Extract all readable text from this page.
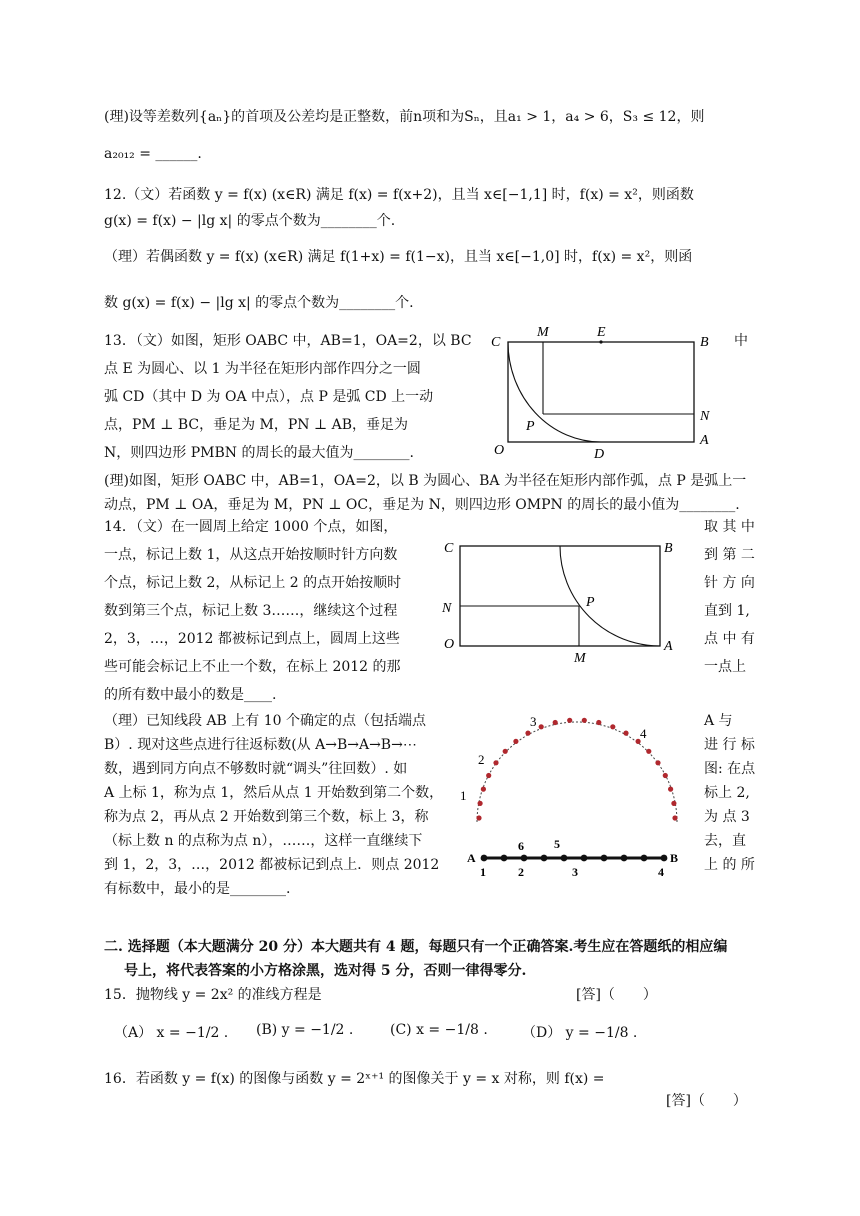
(理)设等差数列{aₙ}的首项及公差均是正整数，前n项和为Sₙ，且a₁ > 1，a₄ > 6，S₃ ≤ 12，则
a₂₀₁₂ = ______.
12.（文）若函数 y = f(x) (x∈R) 满足 f(x) = f(x+2)，且当 x∈[−1,1] 时，f(x) = x²，则函数
g(x) = f(x) − |lg x| 的零点个数为________个.
（理）若偶函数 y = f(x) (x∈R) 满足 f(1+x) = f(1−x)，且当 x∈[−1,0] 时，f(x) = x²，则函
数 g(x) = f(x) − |lg x| 的零点个数为________个.
13．（文）如图，矩形 OABC 中，AB=1，OA=2，以 BC	中
点 E 为圆心、以 1 为半径在矩形内部作四分之一圆
弧 CD（其中 D 为 OA 中点），点 P 是弧 CD 上一动
点，PM ⊥ BC，垂足为 M，PN ⊥ AB，垂足为
N，则四边形 PMBN 的周长的最大值为________.
C
M	E
B
P
N
O	D
A
(理)如图，矩形 OABC 中，AB=1，OA=2，以 B 为圆心、BA 为半径在矩形内部作弧，点 P 是弧上一
动点，PM ⊥ OA，垂足为 M，PN ⊥ OC，垂足为 N，则四边形 OMPN 的周长的最小值为________.
14．（文）在一圆周上给定 1000 个点，如图，	取 其 中
一点，标记上数 1，从这点开始按顺时针方向数	到 第 二
个点，标记上数 2，从标记上 2 的点开始按顺时	针 方 向
数到第三个点，标记上数 3……，继续这个过程	直到 1,
2，3，…，2012 都被标记到点上，圆周上这些	点 中 有
些可能会标记上不止一个数，在标上 2012 的那	一点上
的所有数中最小的数是____.
C	B
P
N
O
M
A
（理）已知线段 AB 上有 10 个确定的点（包括端点	A 与
B）. 现对这些点进行往返标数(从 A→B→A→B→⋯	进 行 标
数，遇到同方向点不够数时就“调头”往回数）. 如	图: 在点
A 上标 1，称为点 1，然后从点 1 开始数到第二个数，	标上 2,
称为点 2，再从点 2 开始数到第三个数，标上 3，称	为 点 3
（标上数 n 的点称为点 n），……，这样一直继续下	去，直
到 1，2，3，…，2012 都被标记到点上．则点 2012	上 的 所
有标数中，最小的是________.
1
2
3
4
A	B
6	5
1	2	3	4
二. 选择题（本大题满分 20 分）本大题共有 4 题，每题只有一个正确答案.考生应在答题纸的相应编
号上，将代表答案的小方格涂黑，选对得 5 分，否则一律得零分.
15．抛物线 y = 2x² 的准线方程是	[答]（　　）
（A） x = −1/2 . (B) y = −1/2 .	(C) x = −1/8 . （D） y = −1/8 .
16．若函数 y = f(x) 的图像与函数 y = 2ˣ⁺¹ 的图像关于 y = x 对称，则 f(x) =
[答]（　　）
